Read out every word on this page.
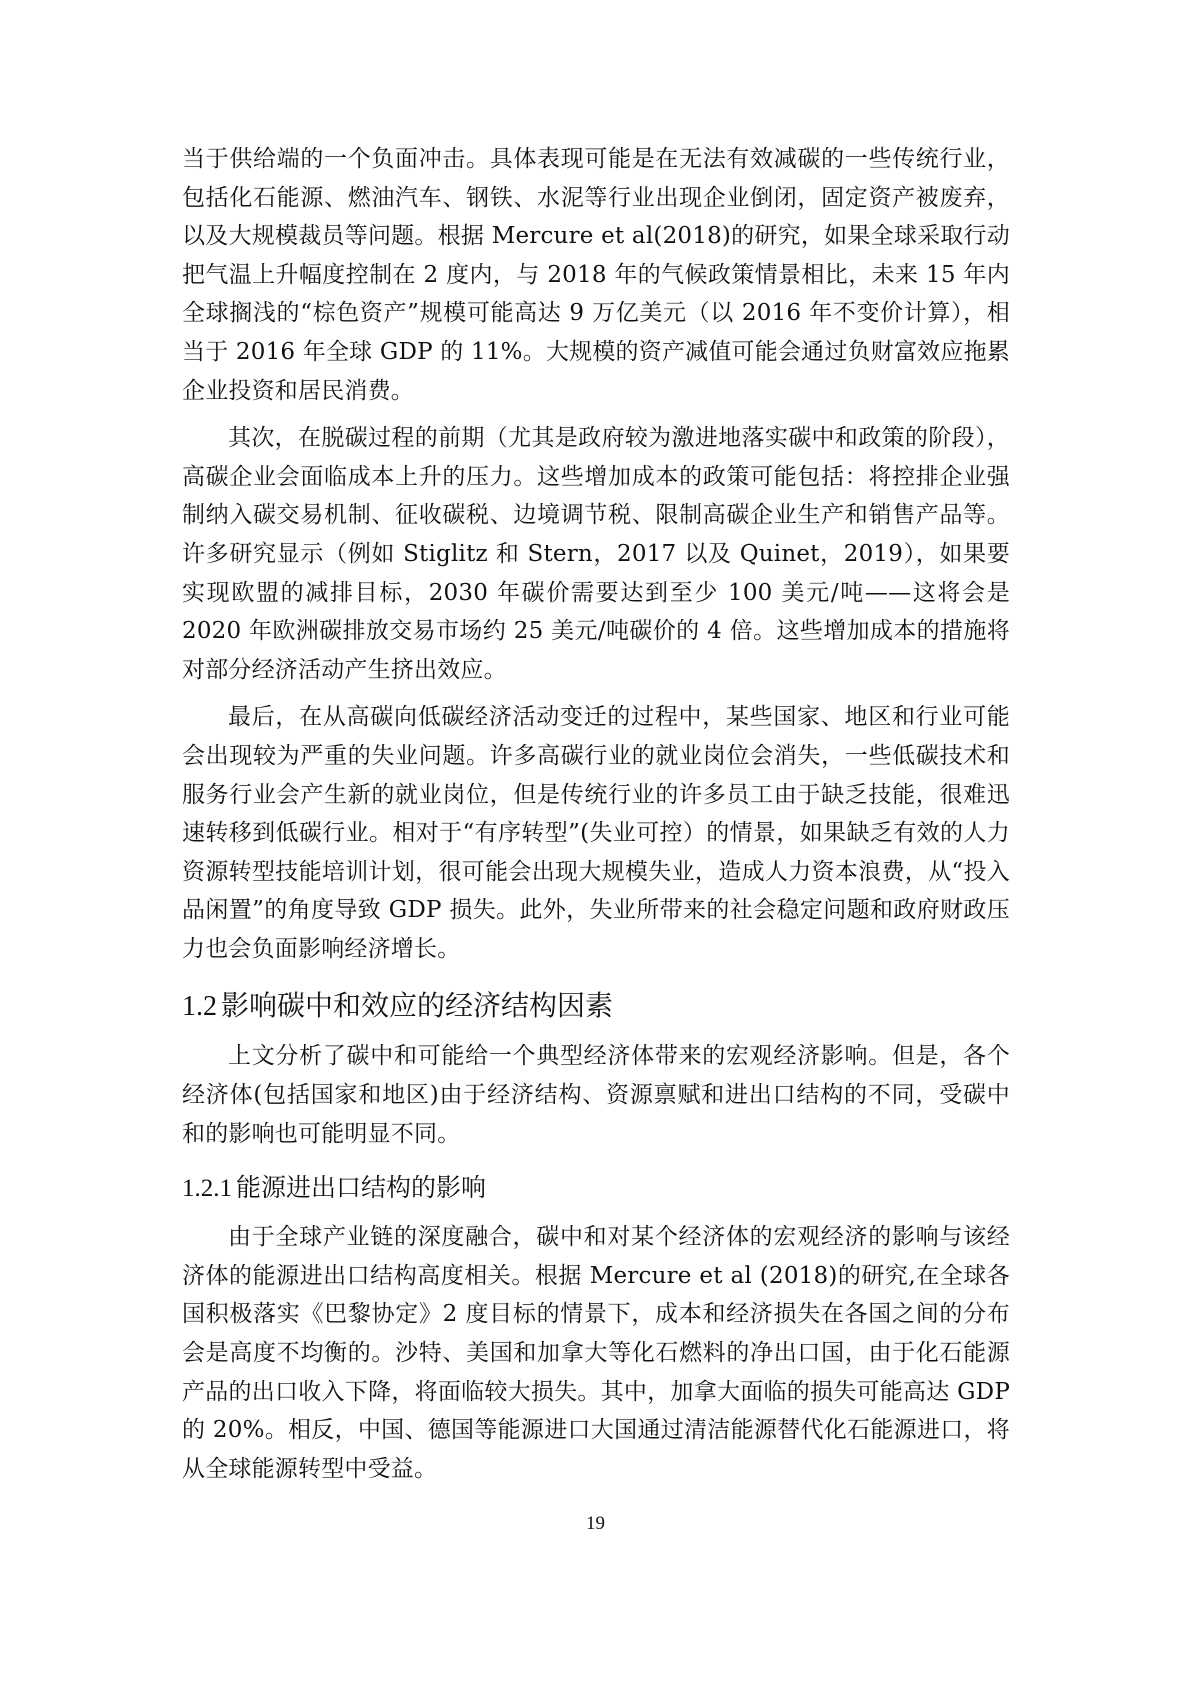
当于供给端的一个负面冲击。具体表现可能是在无法有效减碳的一些传统行业，包括化石能源、燃油汽车、钢铁、水泥等行业出现企业倒闭，固定资产被废弃，以及大规模裁员等问题。根据 Mercure et al(2018)的研究，如果全球采取行动把气温上升幅度控制在 2 度内，与 2018 年的气候政策情景相比，未来 15 年内全球搁浅的“棕色资产”规模可能高达 9 万亿美元（以 2016 年不变价计算），相当于 2016 年全球 GDP 的 11%。大规模的资产减值可能会通过负财富效应拖累企业投资和居民消费。

其次，在脱碳过程的前期（尤其是政府较为激进地落实碳中和政策的阶段），高碳企业会面临成本上升的压力。这些增加成本的政策可能包括：将控排企业强制纳入碳交易机制、征收碳税、边境调节税、限制高碳企业生产和销售产品等。许多研究显示（例如 Stiglitz 和 Stern，2017 以及 Quinet，2019），如果要实现欧盟的减排目标，2030 年碳价需要达到至少 100 美元/吨——这将会是 2020 年欧洲碳排放交易市场约 25 美元/吨碳价的 4 倍。这些增加成本的措施将对部分经济活动产生挤出效应。

最后，在从高碳向低碳经济活动变迁的过程中，某些国家、地区和行业可能会出现较为严重的失业问题。许多高碳行业的就业岗位会消失，一些低碳技术和服务行业会产生新的就业岗位，但是传统行业的许多员工由于缺乏技能，很难迅速转移到低碳行业。相对于“有序转型”(失业可控）的情景，如果缺乏有效的人力资源转型技能培训计划，很可能会出现大规模失业，造成人力资本浪费，从“投入品闲置”的角度导致 GDP 损失。此外，失业所带来的社会稳定问题和政府财政压力也会负面影响经济增长。

1.2 影响碳中和效应的经济结构因素

上文分析了碳中和可能给一个典型经济体带来的宏观经济影响。但是，各个经济体(包括国家和地区)由于经济结构、资源禀赋和进出口结构的不同，受碳中和的影响也可能明显不同。

1.2.1 能源进出口结构的影响

由于全球产业链的深度融合，碳中和对某个经济体的宏观经济的影响与该经济体的能源进出口结构高度相关。根据 Mercure et al (2018)的研究,在全球各国积极落实《巴黎协定》2 度目标的情景下，成本和经济损失在各国之间的分布会是高度不均衡的。沙特、美国和加拿大等化石燃料的净出口国，由于化石能源产品的出口收入下降，将面临较大损失。其中，加拿大面临的损失可能高达 GDP 的 20%。相反，中国、德国等能源进口大国通过清洁能源替代化石能源进口，将从全球能源转型中受益。

19
